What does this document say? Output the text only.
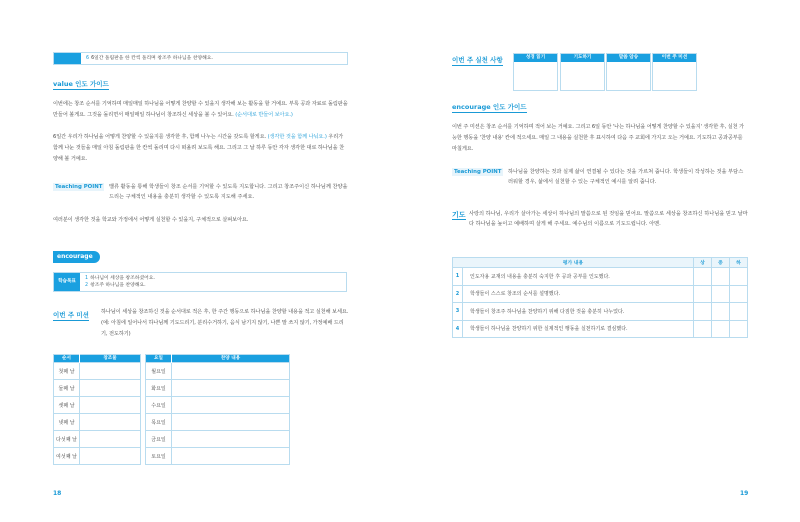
6 6일간 돌림판을 한 칸씩 돌리며 창조주 하나님을 찬양해요.
value 인도 가이드
이번에는 창조 순서를 기억하며 매일매일 하나님을 어떻게 찬양할 수 있을지 생각해 보는 활동을 할 거예요. 부록 공과 자료로 돌림판을 만들어 볼게요. 그것을 돌리면서 매일매일 하나님이 창조하신 세상을 볼 수 있어요. (순서대로 반들어 보아요.)
6일간 우리가 하나님을 어떻게 찬양할 수 있을지를 생각한 후, 함께 나누는 시간을 갖도록 할게요. (생각한 것을 함께 나눠요.) 우리가 함께 나눈 것들을 매일 아침 돌림판을 한 칸씩 돌리며 다시 떠올려 보도록 해요. 그리고 그 날 하루 동안 각자 생각한 대로 하나님을 찬양해 볼 거예요.
Teaching POINT	밸류 활동을 통해 학생들이 창조 순서를 기억할 수 있도록 지도합니다. 그리고 창조주이신 하나님께 찬양을 드리는 구체적인 내용을 충분히 생각할 수 있도록 지도해 주세요.
여러분이 생각한 것을 학교와 가정에서 어떻게 실천할 수 있을지, 구체적으로 살펴보아요.
encourage
학습목표
1 하나님이 세상을 창조하셨어요.
2 창조주 하나님을 찬양해요.
이번 주 미션 하나님이 세상을 창조하신 것을 순서대로 적은 후, 한 주간 행동으로 하나님을 찬양할 내용을 적고 실천해 보세요. (예: 아침에 일어나서 하나님께 기도드리기, 분리수거하기, 음식 남기지 않기, 나쁜 말 쓰지 않기, 가정예배 드리기, 전도하기)
순서	창조물
첫째 날	
둘째 날	
셋째 날	
넷째 날	
다섯째 날	
여섯째 날	
요일	찬양 내용
월요일	
화요일	
수요일	
목요일	
금요일	
토요일	
18
이번 주 실천 사항	성경 읽기	기도하기	말씀 암송	이번 주 미션
encourage 인도 가이드
이번 주 미션은 창조 순서를 기억하며 적어 보는 거예요. 그리고 6일 동안 '나는 하나님을 어떻게 찬양할 수 있을지' 생각한 후, 실천 가능한 행동을 '찬양 내용' 칸에 적으세요. 매일 그 내용을 실천한 후 표시하여 다음 주 교회에 가지고 오는 거예요. 기도하고 공과공부를 마칠게요.
Teaching POINT	하나님을 찬양하는 것과 실제 삶이 연결될 수 있다는 것을 가르쳐 줍니다. 학생들이 작성하는 것을 부담스러워할 경우, 삶에서 실천할 수 있는 구체적인 예시를 알려 줍니다.
기도 사랑의 하나님, 우리가 살아가는 세상이 하나님의 말씀으로 된 것임을 믿어요. 말씀으로 세상을 창조하신 하나님을 믿고 날마다 하나님을 높이고 예배하며 살게 해 주세요. 예수님의 이름으로 기도드립니다. 아멘.
19
평가 내용		상	중	하
1	인도자용 교재의 내용을 충분히 숙지한 후 공과 공부를 인도했다.			
2	학생들이 스스로 창조의 순서를 설명했다.			
3	학생들이 창조주 하나님을 찬양하기 위해 다짐한 것을 충분히 나누었다.			
4	학생들이 하나님을 찬양하기 위한 실제적인 행동을 실천하기로 결심했다.			
